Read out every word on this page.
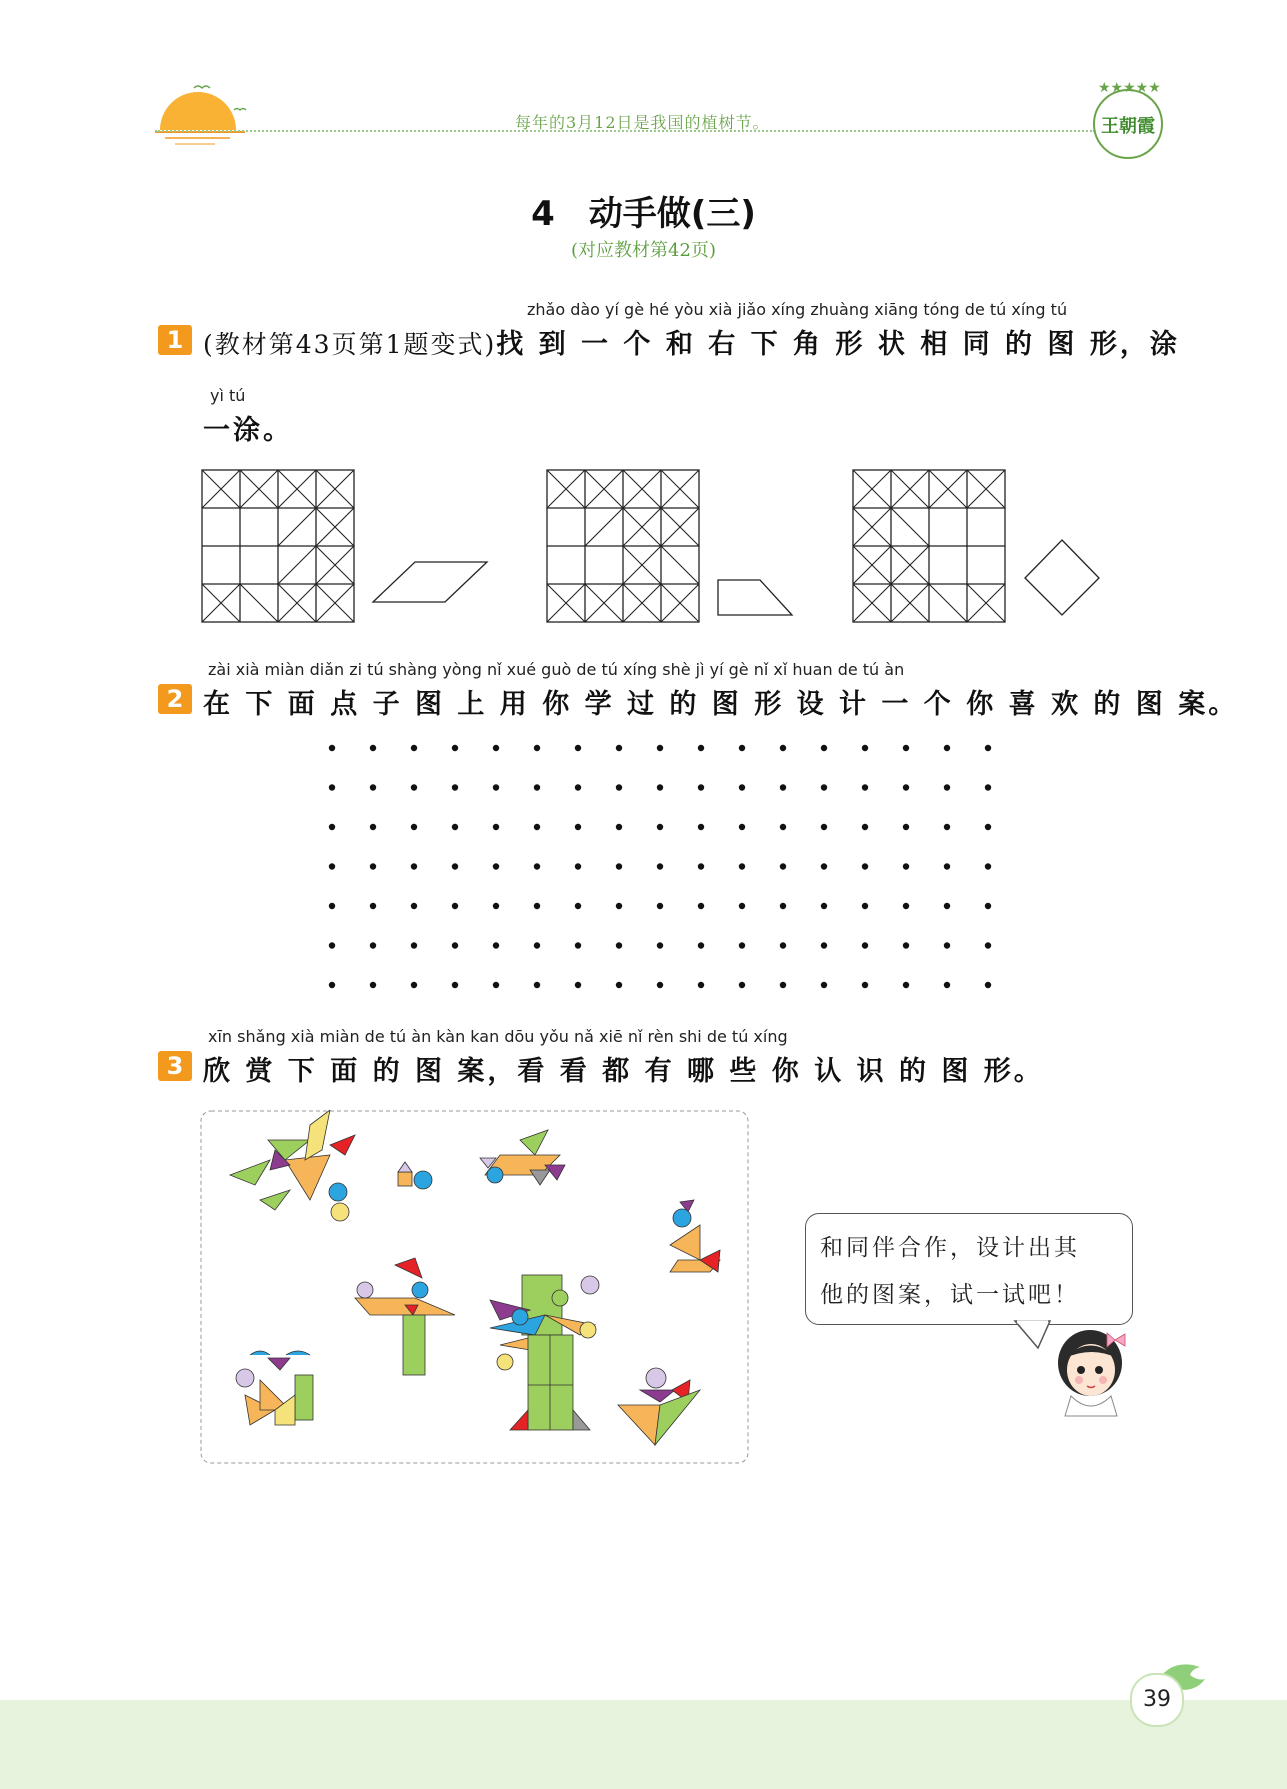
每年的3月12日是我国的植树节。
★★★★★
王朝霞
4　动手做(三)
(对应教材第42页)
zhǎo dào yí gè hé yòu xià jiǎo xíng zhuàng xiāng tóng de tú xíng tú
1 (教材第43页第1题变式)找 到 一 个 和 右 下 角 形 状 相 同 的 图 形，涂
yì tú
一涂。
zài xià miàn diǎn zi tú shàng yòng nǐ xué guò de tú xíng shè jì yí gè nǐ xǐ huan de tú àn
2 在 下 面 点 子 图 上 用 你 学 过 的 图 形 设 计 一 个 你 喜 欢 的 图 案。
xīn shǎng xià miàn de tú àn kàn kan dōu yǒu nǎ xiē nǐ rèn shi de tú xíng
3 欣 赏 下 面 的 图 案，看 看 都 有 哪 些 你 认 识 的 图 形。
和同伴合作，设计出其
他的图案，试一试吧！
39
